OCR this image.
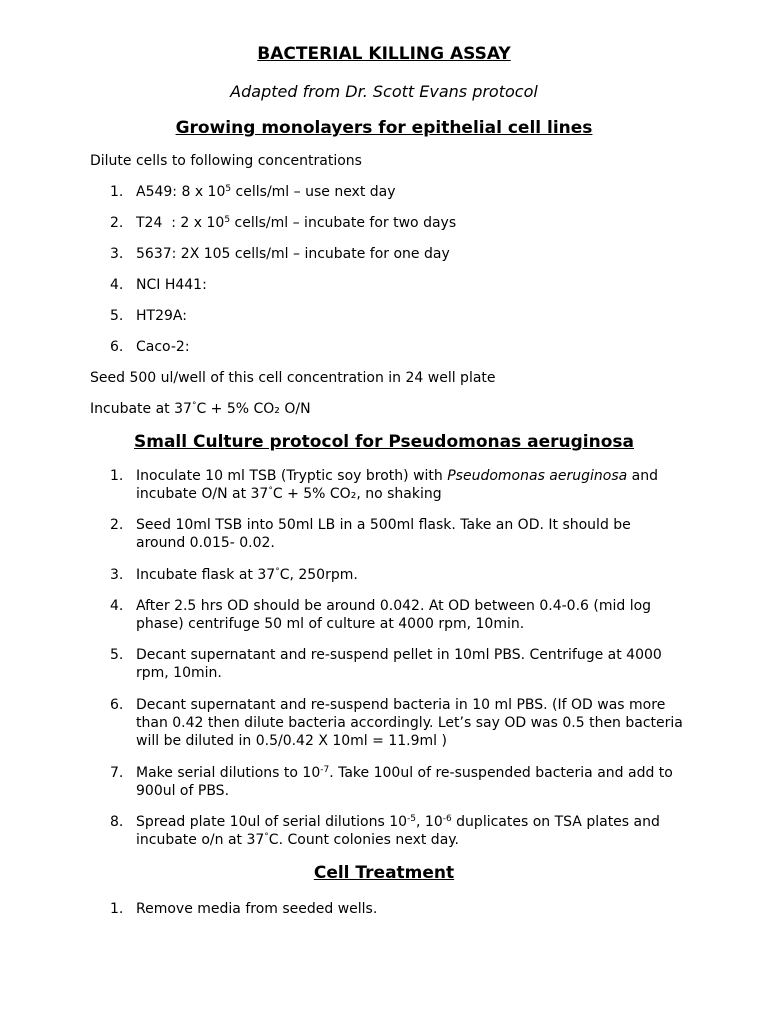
BACTERIAL KILLING ASSAY
Adapted from Dr. Scott Evans protocol
Growing monolayers for epithelial cell lines
Dilute cells to following concentrations
1. A549: 8 x $10^5$ cells/ml – use next day
2. T24  : 2 x $10^5$ cells/ml – incubate for two days
3. 5637: 2X 105 cells/ml – incubate for one day
4. NCI H441:
5. HT29A:
6. Caco-2:
Seed 500 ul/well of this cell concentration in 24 well plate
Incubate at 37°C + 5% CO₂ O/N
Small Culture protocol for Pseudomonas aeruginosa
1. Inoculate 10 ml TSB (Tryptic soy broth) with Pseudomonas aeruginosa and
incubate O/N at 37°C + 5% CO₂, no shaking
2. Seed 10ml TSB into 50ml LB in a 500ml flask. Take an OD. It should be
around 0.015- 0.02.
3. Incubate flask at 37°C, 250rpm.
4. After 2.5 hrs OD should be around 0.042. At OD between 0.4-0.6 (mid log
phase) centrifuge 50 ml of culture at 4000 rpm, 10min.
5. Decant supernatant and re-suspend pellet in 10ml PBS. Centrifuge at 4000
rpm, 10min.
6. Decant supernatant and re-suspend bacteria in 10 ml PBS. (If OD was more
than 0.42 then dilute bacteria accordingly. Let’s say OD was 0.5 then bacteria
will be diluted in 0.5/0.42 X 10ml = 11.9ml )
7. Make serial dilutions to $10^{-7}$. Take 100ul of re-suspended bacteria and add to
900ul of PBS.
8. Spread plate 10ul of serial dilutions $10^{-5}$, $10^{-6}$ duplicates on TSA plates and
incubate o/n at 37°C. Count colonies next day.
Cell Treatment
1. Remove media from seeded wells.
